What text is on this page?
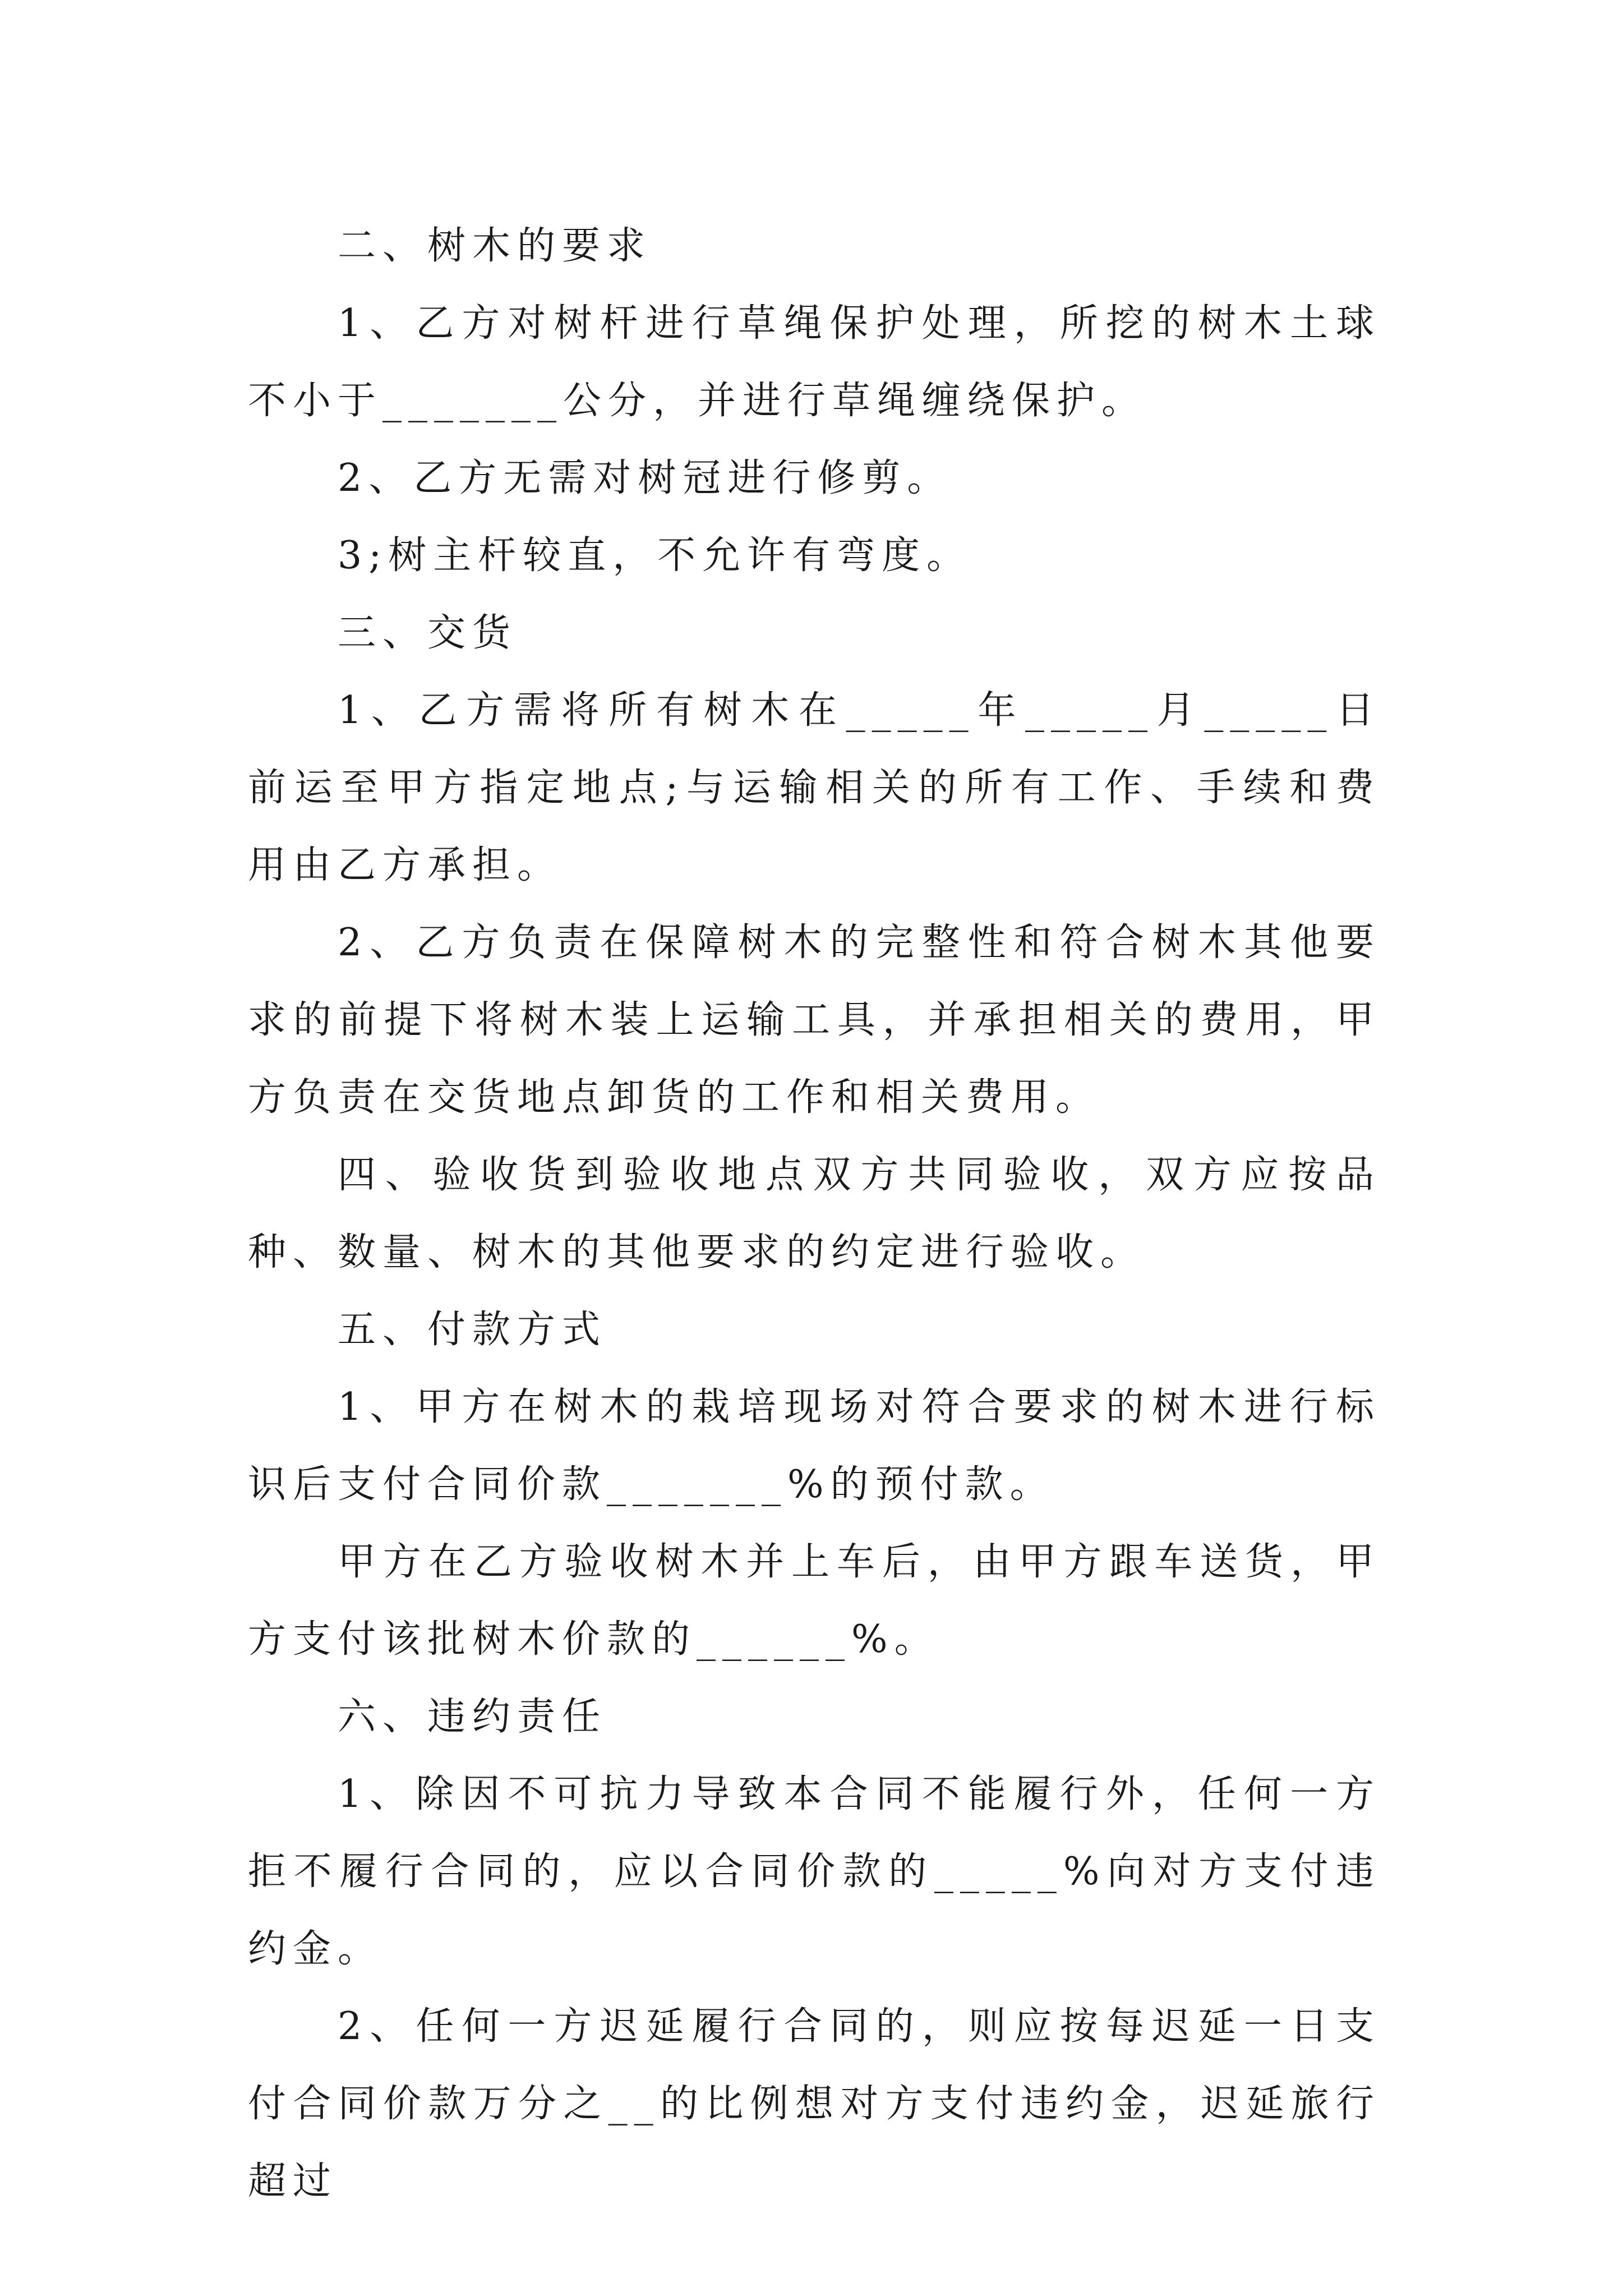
二、树木的要求

1、乙方对树杆进行草绳保护处理，所挖的树木土球不小于_______公分，并进行草绳缠绕保护。

2、乙方无需对树冠进行修剪。

3;树主杆较直，不允许有弯度。

三、交货

1、乙方需将所有树木在_____年_____月_____日前运至甲方指定地点;与运输相关的所有工作、手续和费用由乙方承担。

2、乙方负责在保障树木的完整性和符合树木其他要求的前提下将树木装上运输工具，并承担相关的费用，甲方负责在交货地点卸货的工作和相关费用。

四、验收货到验收地点双方共同验收，双方应按品种、数量、树木的其他要求的约定进行验收。

五、付款方式

1、甲方在树木的栽培现场对符合要求的树木进行标识后支付合同价款_______%的预付款。

甲方在乙方验收树木并上车后，由甲方跟车送货，甲方支付该批树木价款的______%。

六、违约责任

1、除因不可抗力导致本合同不能履行外，任何一方拒不履行合同的，应以合同价款的_____%向对方支付违约金。

2、任何一方迟延履行合同的，则应按每迟延一日支付合同价款万分之__的比例想对方支付违约金，迟延旅行超过
